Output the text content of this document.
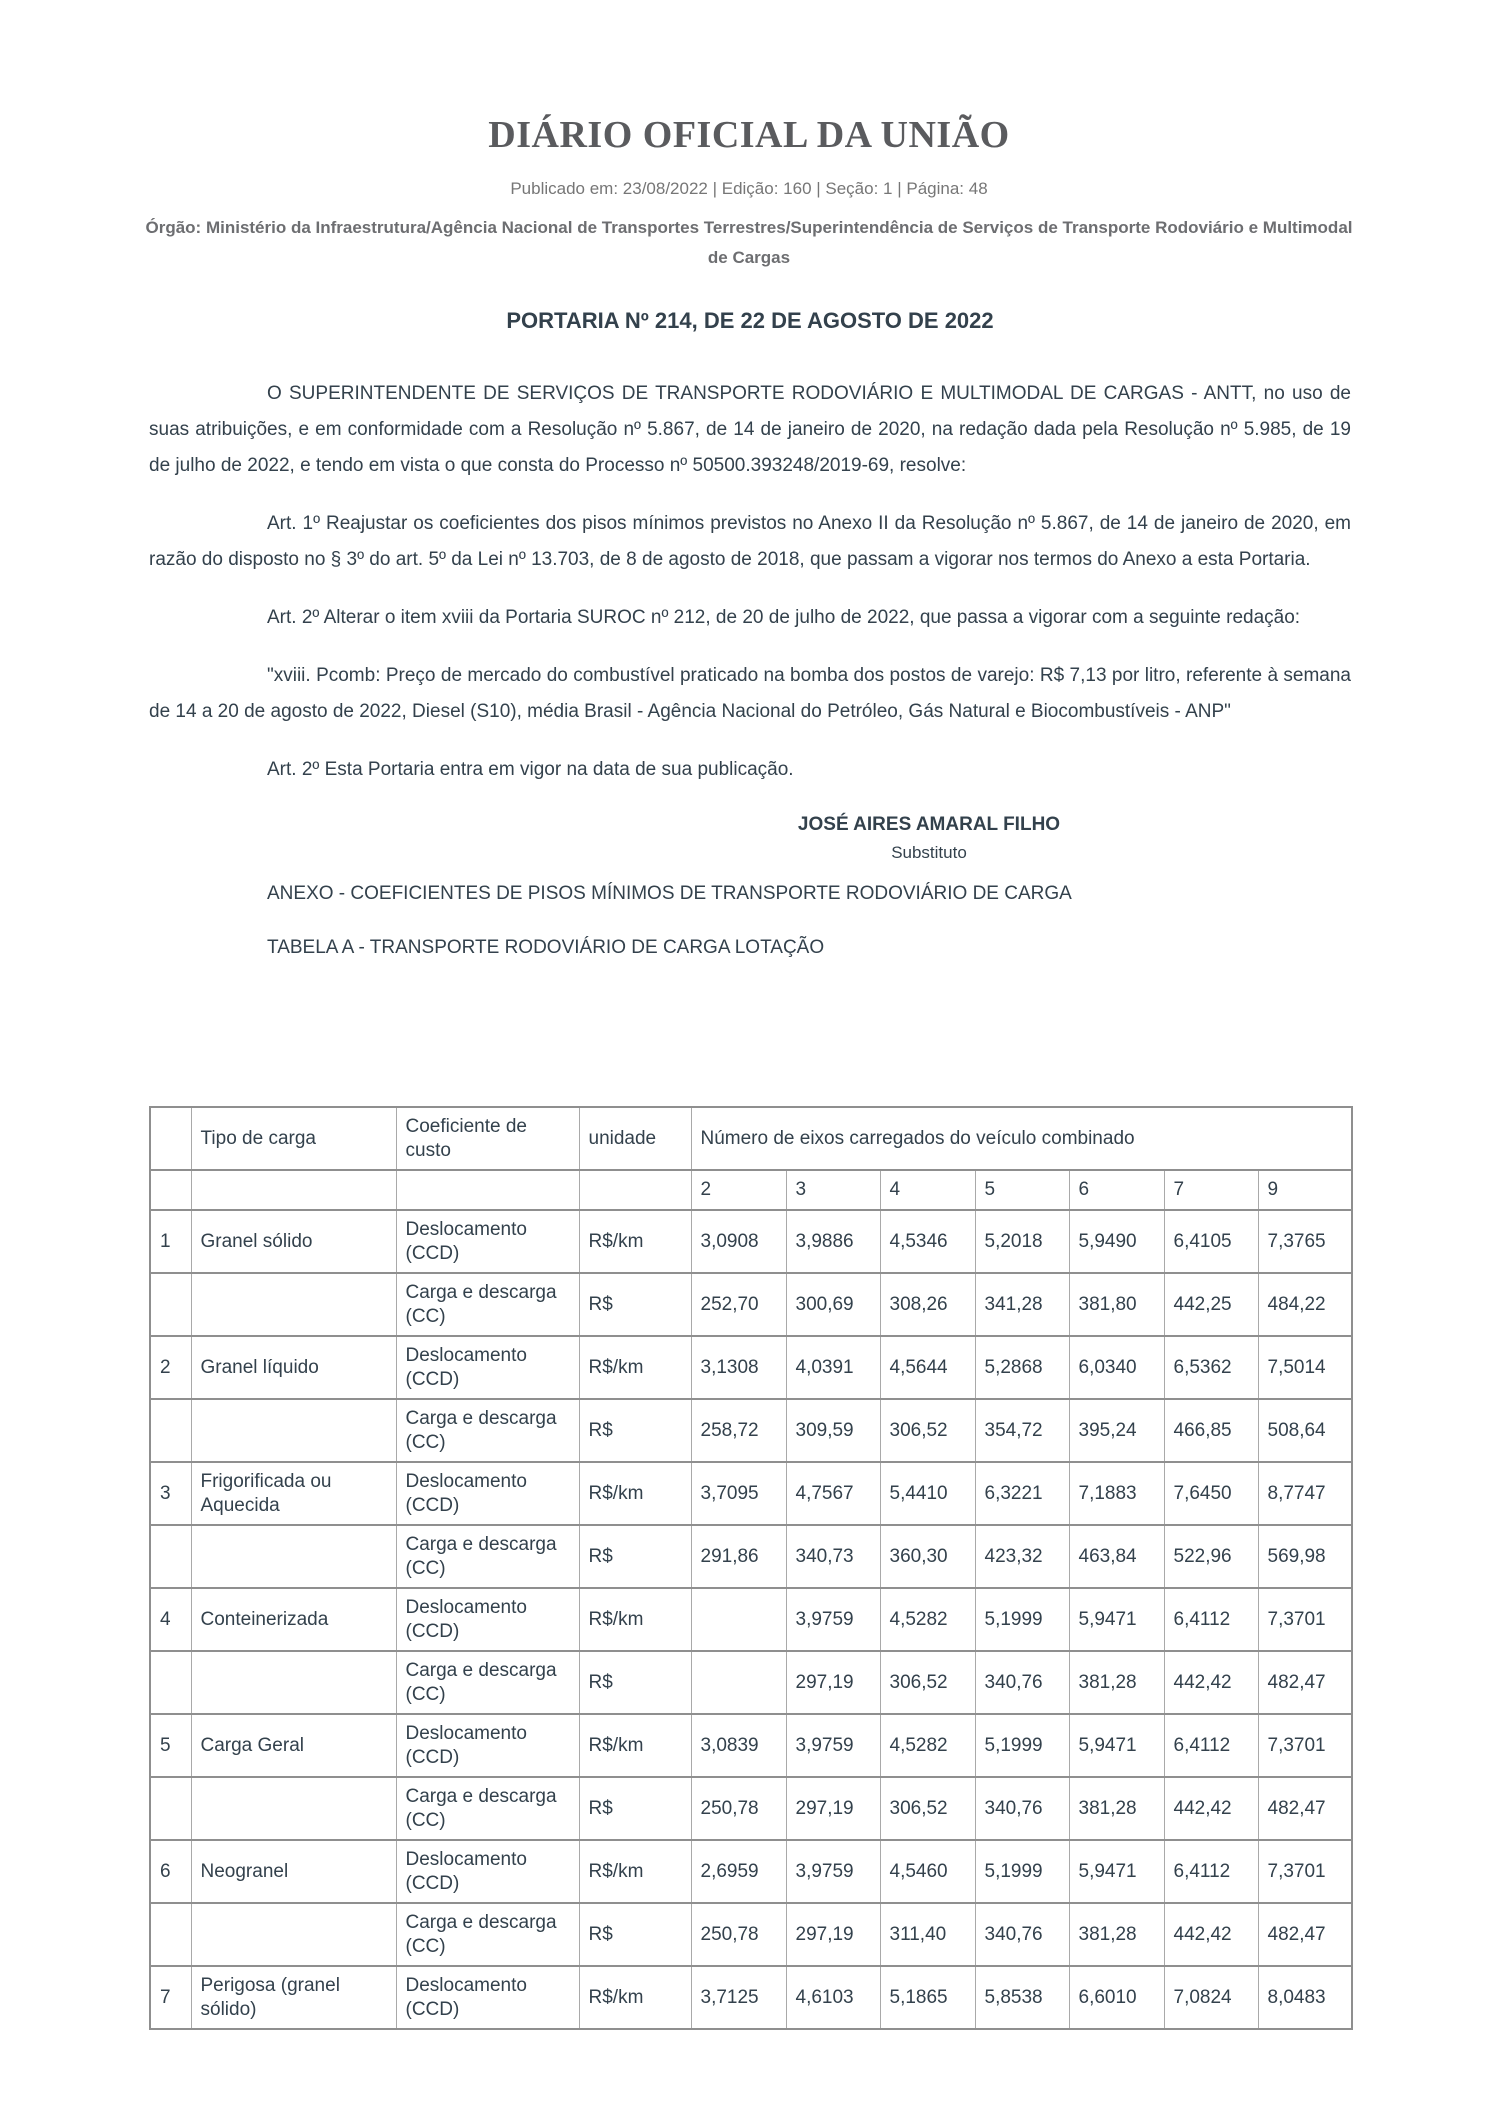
DIÁRIO OFICIAL DA UNIÃO
Publicado em: 23/08/2022 | Edição: 160 | Seção: 1 | Página: 48
Órgão: Ministério da Infraestrutura/Agência Nacional de Transportes Terrestres/Superintendência de Serviços de Transporte Rodoviário e Multimodal de Cargas
PORTARIA Nº 214, DE 22 DE AGOSTO DE 2022

O SUPERINTENDENTE DE SERVIÇOS DE TRANSPORTE RODOVIÁRIO E MULTIMODAL DE CARGAS - ANTT, no uso de suas atribuições, e em conformidade com a Resolução nº 5.867, de 14 de janeiro de 2020, na redação dada pela Resolução nº 5.985, de 19 de julho de 2022, e tendo em vista o que consta do Processo nº 50500.393248/2019-69, resolve:

Art. 1º Reajustar os coeficientes dos pisos mínimos previstos no Anexo II da Resolução nº 5.867, de 14 de janeiro de 2020, em razão do disposto no § 3º do art. 5º da Lei nº 13.703, de 8 de agosto de 2018, que passam a vigorar nos termos do Anexo a esta Portaria.

Art. 2º Alterar o item xviii da Portaria SUROC nº 212, de 20 de julho de 2022, que passa a vigorar com a seguinte redação:

"xviii. Pcomb: Preço de mercado do combustível praticado na bomba dos postos de varejo: R$ 7,13 por litro, referente à semana de 14 a 20 de agosto de 2022, Diesel (S10), média Brasil - Agência Nacional do Petróleo, Gás Natural e Biocombustíveis - ANP"

Art. 2º Esta Portaria entra em vigor na data de sua publicação.

JOSÉ AIRES AMARAL FILHO
Substituto

ANEXO - COEFICIENTES DE PISOS MÍNIMOS DE TRANSPORTE RODOVIÁRIO DE CARGA

TABELA A - TRANSPORTE RODOVIÁRIO DE CARGA LOTAÇÃO

	Tipo de carga	Coeficiente de custo	unidade	Número de eixos carregados do veículo combinado						
				2	3	4	5	6	7	9
1	Granel sólido	Deslocamento (CCD)	R$/km	3,0908	3,9886	4,5346	5,2018	5,9490	6,4105	7,3765
		Carga e descarga (CC)	R$	252,70	300,69	308,26	341,28	381,80	442,25	484,22
2	Granel líquido	Deslocamento (CCD)	R$/km	3,1308	4,0391	4,5644	5,2868	6,0340	6,5362	7,5014
		Carga e descarga (CC)	R$	258,72	309,59	306,52	354,72	395,24	466,85	508,64
3	Frigorificada ou Aquecida	Deslocamento (CCD)	R$/km	3,7095	4,7567	5,4410	6,3221	7,1883	7,6450	8,7747
		Carga e descarga (CC)	R$	291,86	340,73	360,30	423,32	463,84	522,96	569,98
4	Conteinerizada	Deslocamento (CCD)	R$/km		3,9759	4,5282	5,1999	5,9471	6,4112	7,3701
		Carga e descarga (CC)	R$		297,19	306,52	340,76	381,28	442,42	482,47
5	Carga Geral	Deslocamento (CCD)	R$/km	3,0839	3,9759	4,5282	5,1999	5,9471	6,4112	7,3701
		Carga e descarga (CC)	R$	250,78	297,19	306,52	340,76	381,28	442,42	482,47
6	Neogranel	Deslocamento (CCD)	R$/km	2,6959	3,9759	4,5460	5,1999	5,9471	6,4112	7,3701
		Carga e descarga (CC)	R$	250,78	297,19	311,40	340,76	381,28	442,42	482,47
7	Perigosa (granel sólido)	Deslocamento (CCD)	R$/km	3,7125	4,6103	5,1865	5,8538	6,6010	7,0824	8,0483
